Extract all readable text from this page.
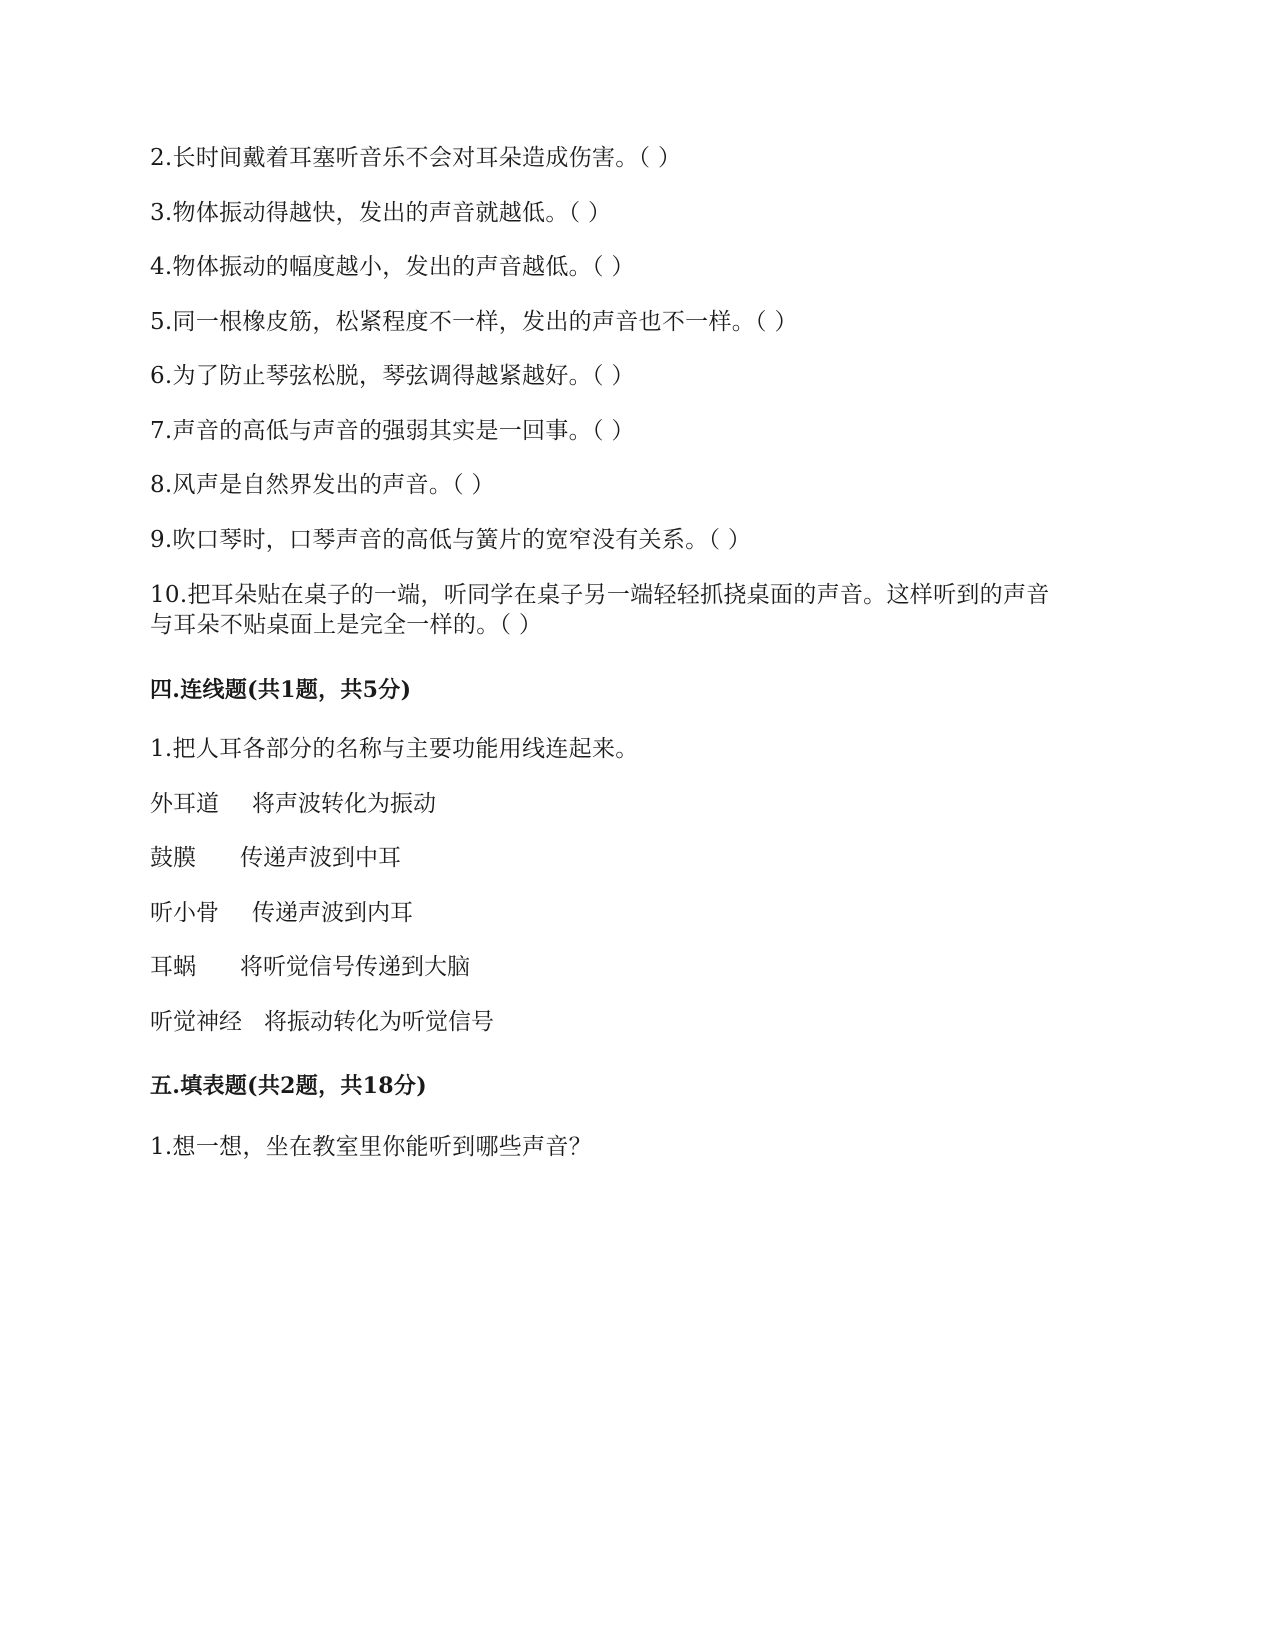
2.长时间戴着耳塞听音乐不会对耳朵造成伤害。（ ）
3.物体振动得越快，发出的声音就越低。（ ）
4.物体振动的幅度越小，发出的声音越低。（ ）
5.同一根橡皮筋，松紧程度不一样，发出的声音也不一样。（ ）
6.为了防止琴弦松脱，琴弦调得越紧越好。（ ）
7.声音的高低与声音的强弱其实是一回事。（ ）
8.风声是自然界发出的声音。（ ）
9.吹口琴时，口琴声音的高低与簧片的宽窄没有关系。（ ）
10.把耳朵贴在桌子的一端，听同学在桌子另一端轻轻抓挠桌面的声音。这样听到的声音
与耳朵不贴桌面上是完全一样的。（ ）
四.连线题(共1题，共5分)
1.把人耳各部分的名称与主要功能用线连起来。
外耳道 将声波转化为振动
鼓膜 传递声波到中耳
听小骨 传递声波到内耳
耳蜗 将听觉信号传递到大脑
听觉神经 将振动转化为听觉信号
五.填表题(共2题，共18分)
1.想一想，坐在教室里你能听到哪些声音？
